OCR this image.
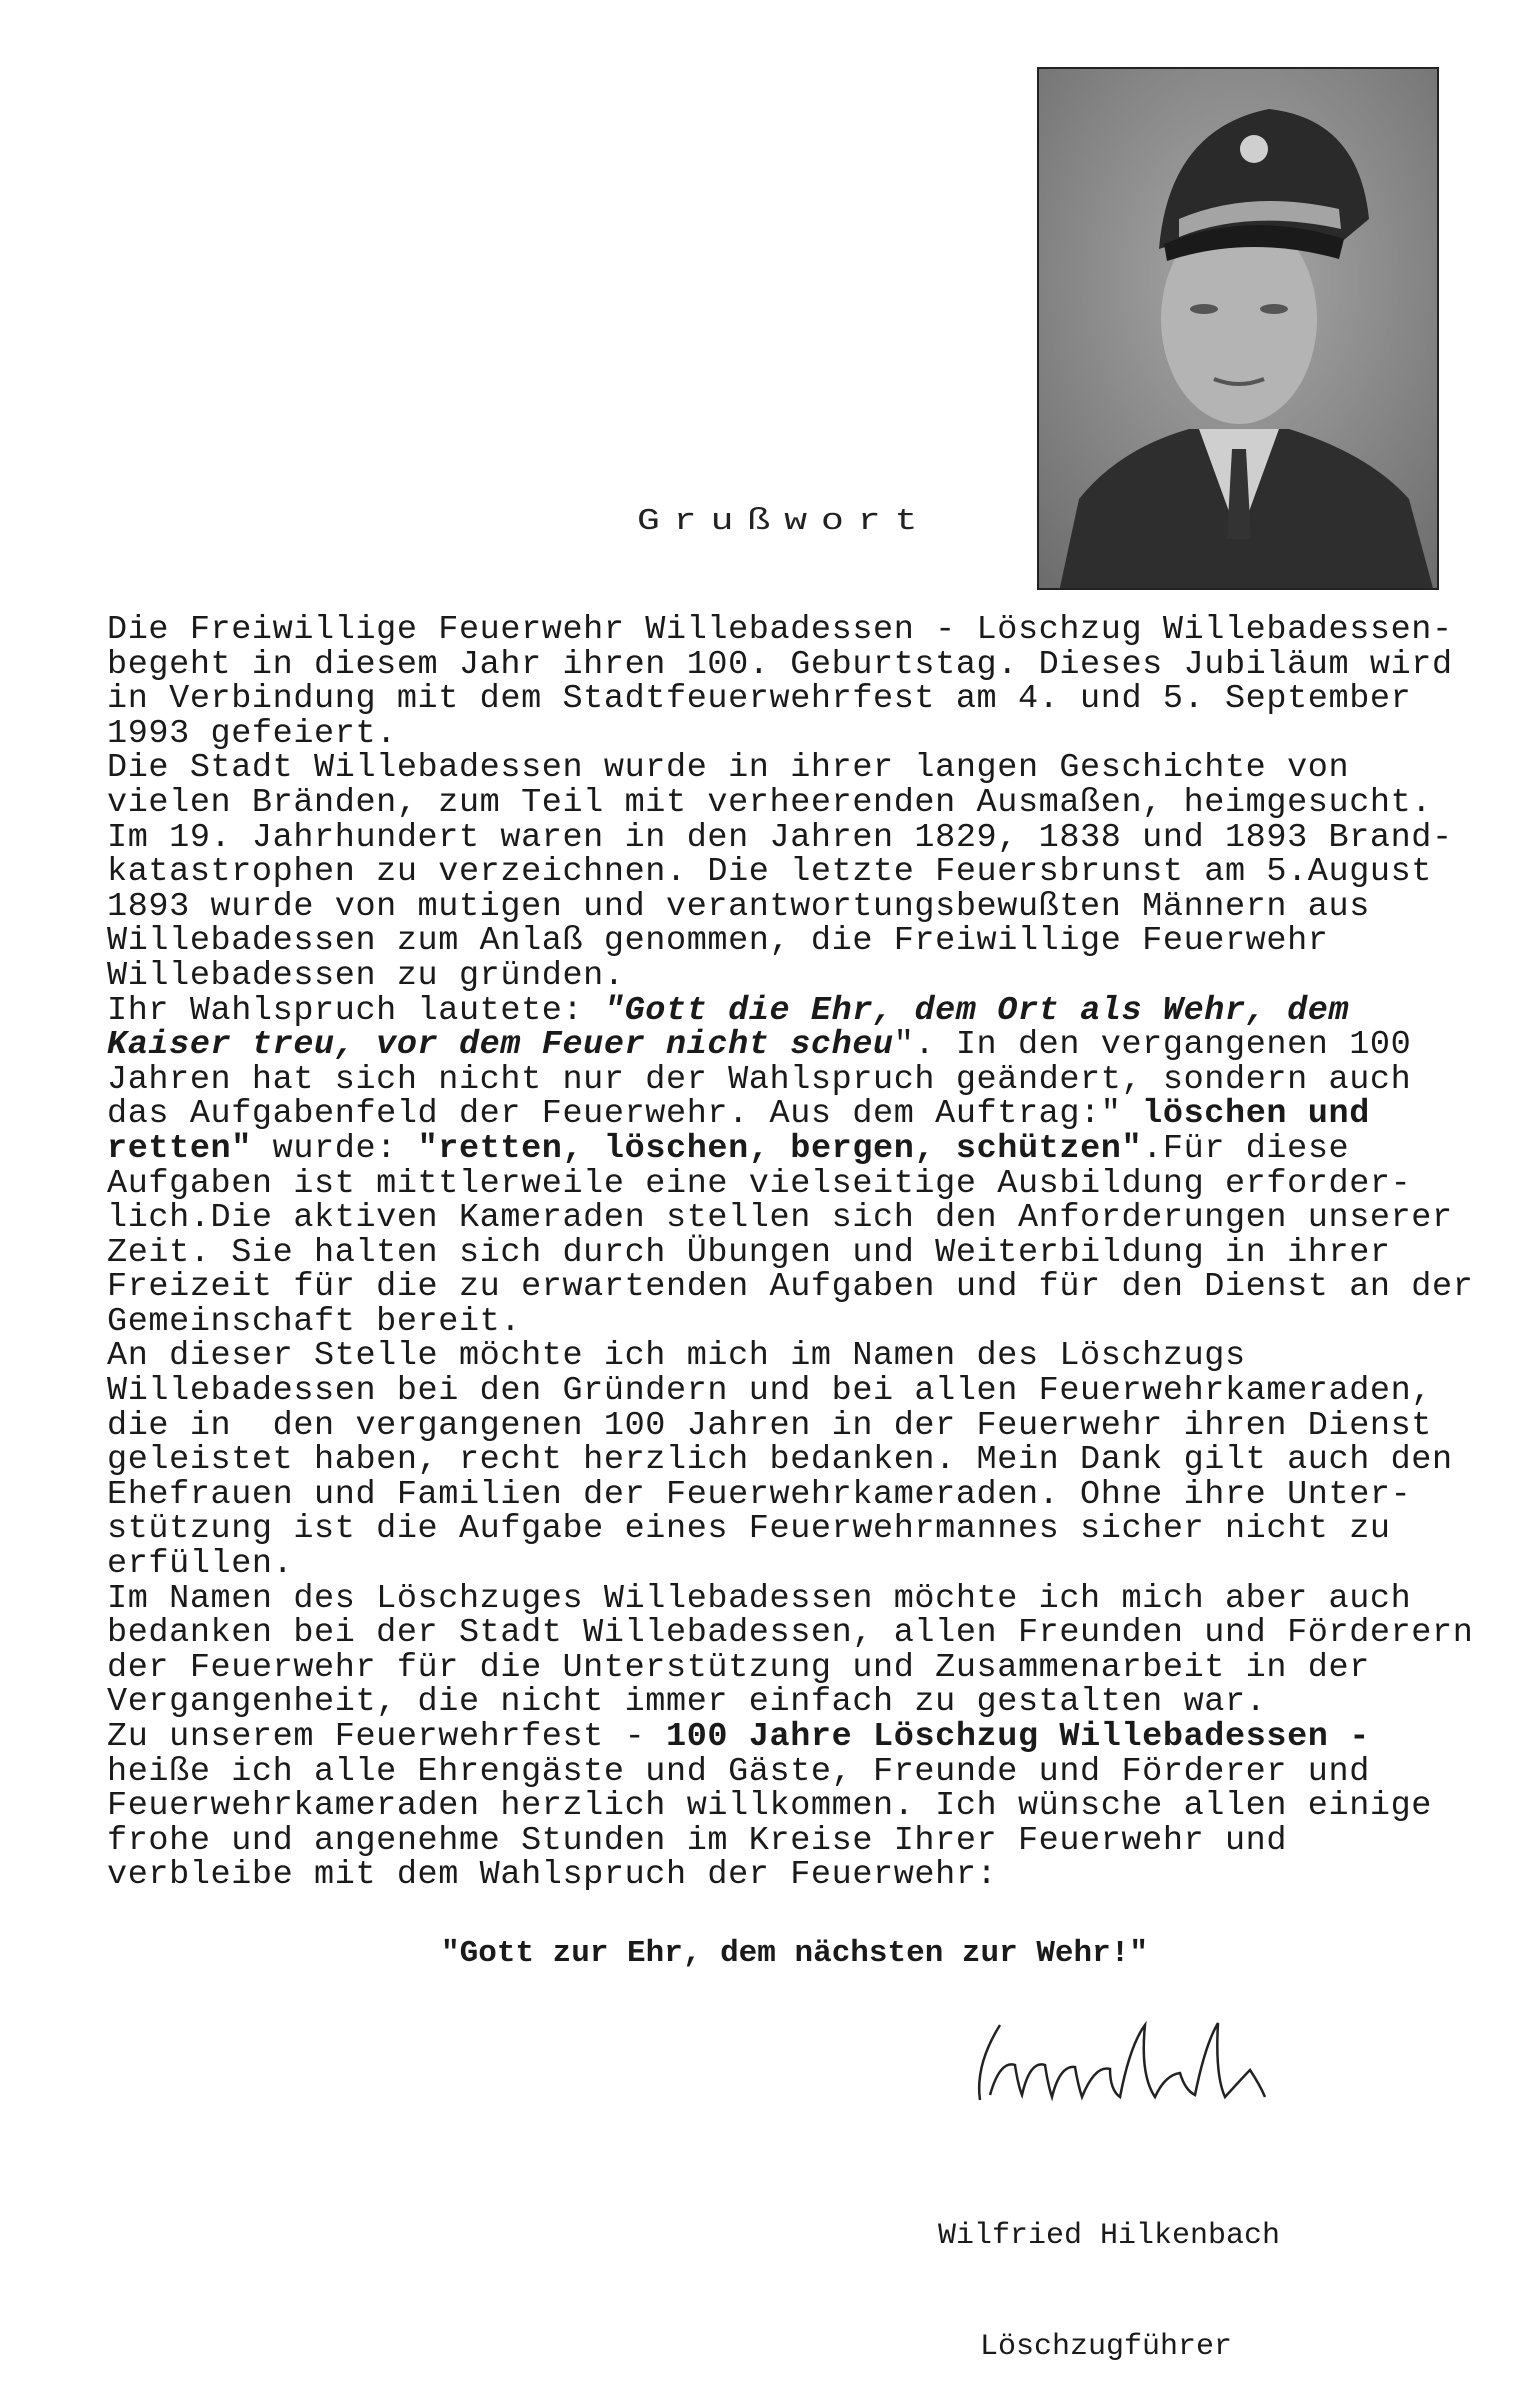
Grußwort
Die Freiwillige Feuerwehr Willebadessen - Löschzug Willebadessen-
begeht in diesem Jahr ihren 100. Geburtstag. Dieses Jubiläum wird
in Verbindung mit dem Stadtfeuerwehrfest am 4. und 5. September
1993 gefeiert.
Die Stadt Willebadessen wurde in ihrer langen Geschichte von
vielen Bränden, zum Teil mit verheerenden Ausmaßen, heimgesucht.
Im 19. Jahrhundert waren in den Jahren 1829, 1838 und 1893 Brand-
katastrophen zu verzeichnen. Die letzte Feuersbrunst am 5.August
1893 wurde von mutigen und verantwortungsbewußten Männern aus
Willebadessen zum Anlaß genommen, die Freiwillige Feuerwehr
Willebadessen zu gründen.
Ihr Wahlspruch lautete: "Gott die Ehr, dem Ort als Wehr, dem
Kaiser treu, vor dem Feuer nicht scheu". In den vergangenen 100
Jahren hat sich nicht nur der Wahlspruch geändert, sondern auch
das Aufgabenfeld der Feuerwehr. Aus dem Auftrag:" löschen und
retten" wurde: "retten, löschen, bergen, schützen".Für diese
Aufgaben ist mittlerweile eine vielseitige Ausbildung erforder-
lich.Die aktiven Kameraden stellen sich den Anforderungen unserer
Zeit. Sie halten sich durch Übungen und Weiterbildung in ihrer
Freizeit für die zu erwartenden Aufgaben und für den Dienst an der
Gemeinschaft bereit.
An dieser Stelle möchte ich mich im Namen des Löschzugs
Willebadessen bei den Gründern und bei allen Feuerwehrkameraden,
die in  den vergangenen 100 Jahren in der Feuerwehr ihren Dienst
geleistet haben, recht herzlich bedanken. Mein Dank gilt auch den
Ehefrauen und Familien der Feuerwehrkameraden. Ohne ihre Unter-
stützung ist die Aufgabe eines Feuerwehrmannes sicher nicht zu
erfüllen.
Im Namen des Löschzuges Willebadessen möchte ich mich aber auch
bedanken bei der Stadt Willebadessen, allen Freunden und Förderern
der Feuerwehr für die Unterstützung und Zusammenarbeit in der
Vergangenheit, die nicht immer einfach zu gestalten war.
Zu unserem Feuerwehrfest - 100 Jahre Löschzug Willebadessen -
heiße ich alle Ehrengäste und Gäste, Freunde und Förderer und
Feuerwehrkameraden herzlich willkommen. Ich wünsche allen einige
frohe und angenehme Stunden im Kreise Ihrer Feuerwehr und
verbleibe mit dem Wahlspruch der Feuerwehr:
"Gott zur Ehr, dem nächsten zur Wehr!"

Wilfried Hilkenbach

Löschzugführer
